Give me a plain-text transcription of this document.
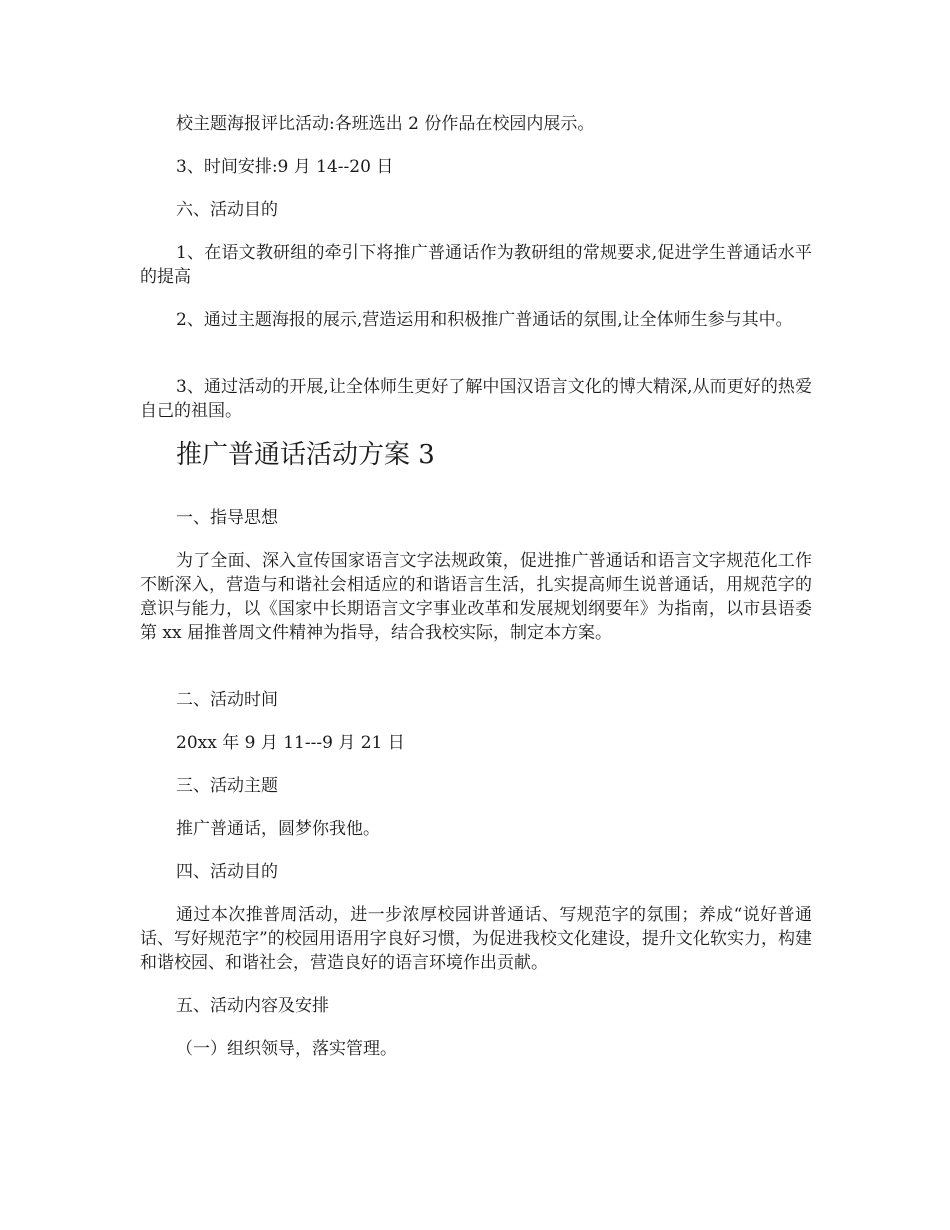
校主题海报评比活动:各班选出 2 份作品在校园内展示。

3、时间安排:9 月 14--20 日

六、活动目的

1、在语文教研组的牵引下将推广普通话作为教研组的常规要求,促进学生普通话水平的提高

2、通过主题海报的展示,营造运用和积极推广普通话的氛围,让全体师生参与其中。

3、通过活动的开展,让全体师生更好了解中国汉语言文化的博大精深,从而更好的热爱自己的祖国。

推广普通话活动方案 3

一、指导思想

为了全面、深入宣传国家语言文字法规政策，促进推广普通话和语言文字规范化工作不断深入，营造与和谐社会相适应的和谐语言生活，扎实提高师生说普通话，用规范字的意识与能力，以《国家中长期语言文字事业改革和发展规划纲要年》为指南，以市县语委第 xx 届推普周文件精神为指导，结合我校实际，制定本方案。

二、活动时间

20xx 年 9 月 11---9 月 21 日

三、活动主题

推广普通话，圆梦你我他。

四、活动目的

通过本次推普周活动，进一步浓厚校园讲普通话、写规范字的氛围；养成“说好普通话、写好规范字”的校园用语用字良好习惯，为促进我校文化建设，提升文化软实力，构建和谐校园、和谐社会，营造良好的语言环境作出贡献。

五、活动内容及安排

（一）组织领导，落实管理。
